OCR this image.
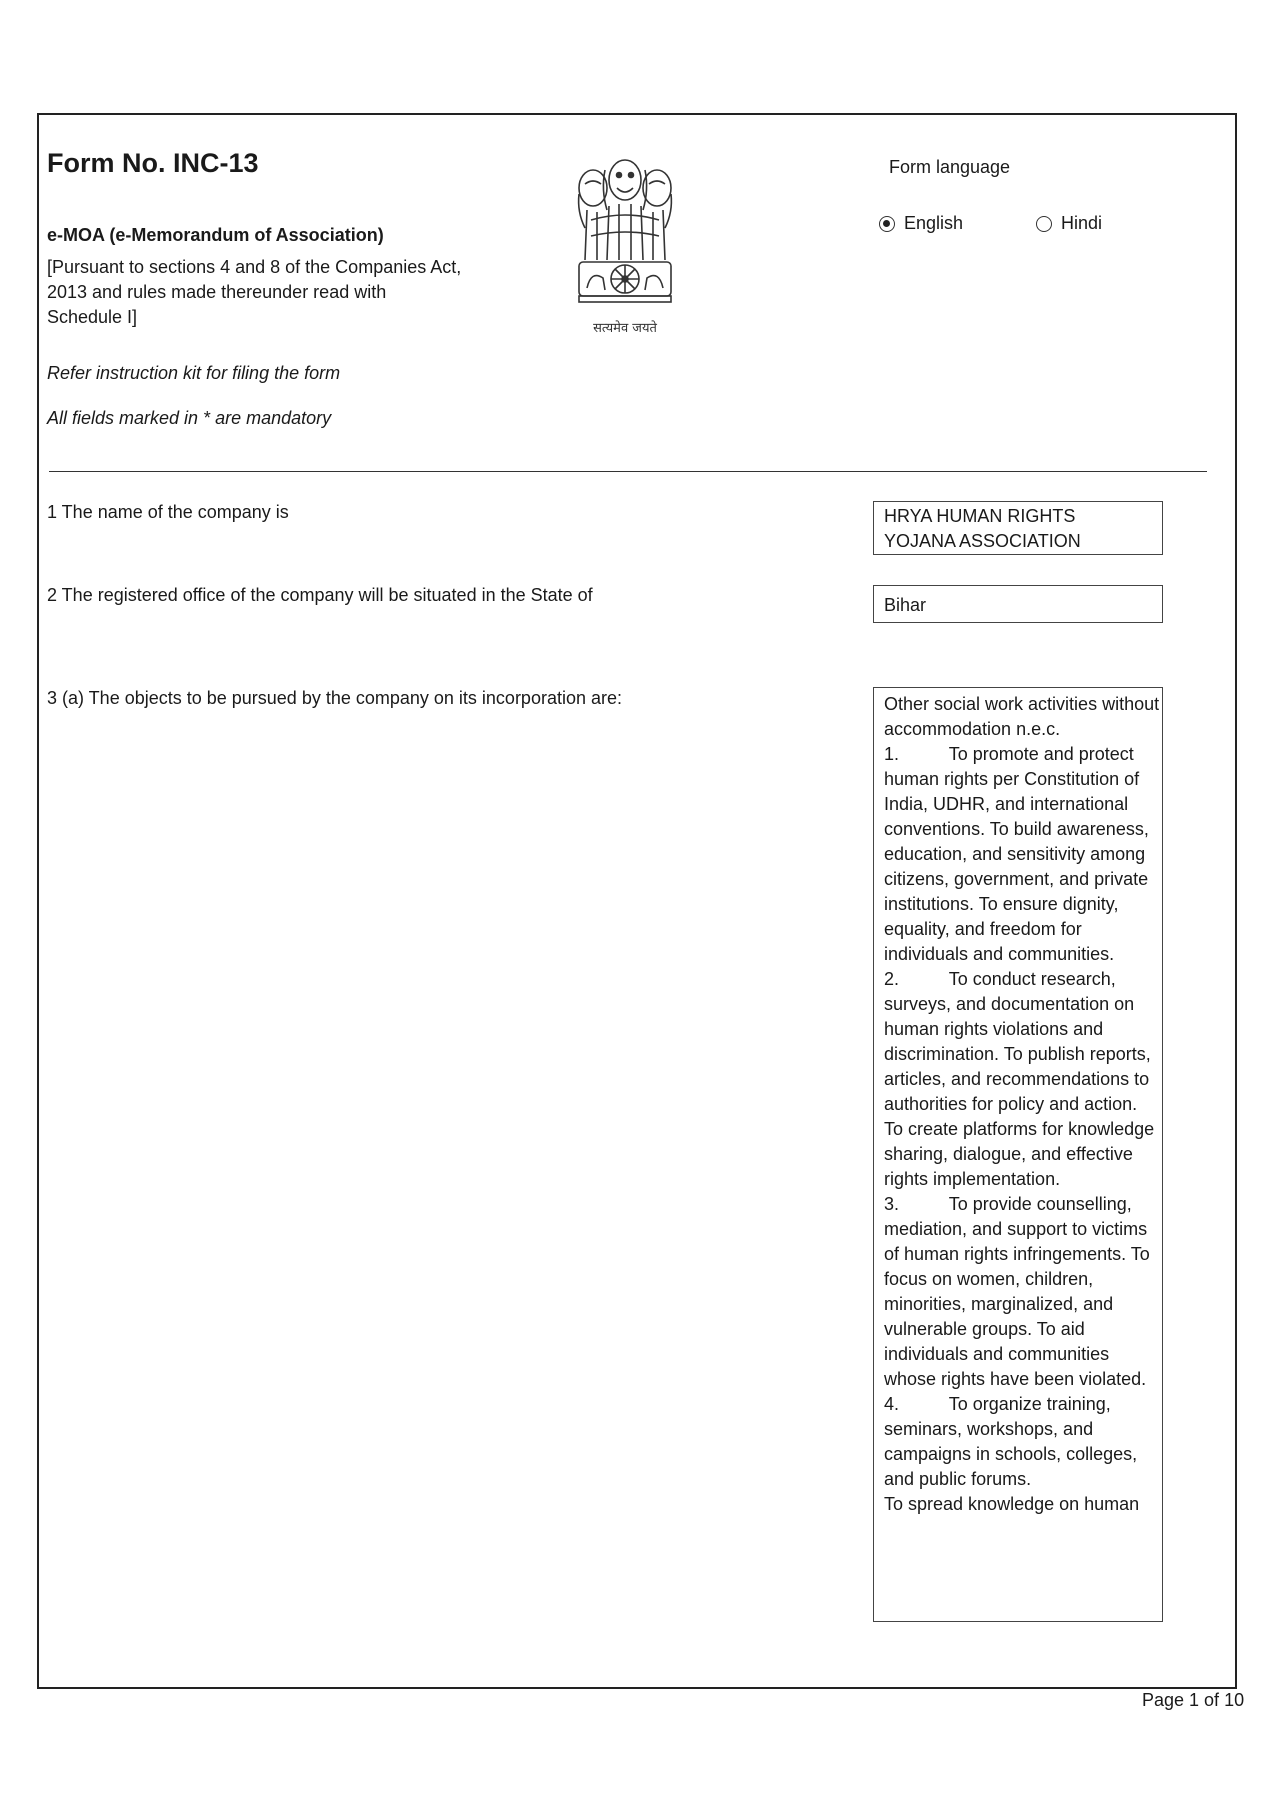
Form No. INC-13
e-MOA (e-Memorandum of Association)
[Pursuant to sections 4 and 8 of the Companies Act,
2013 and rules made thereunder read with
Schedule I]
Refer instruction kit for filing the form
All fields marked in * are mandatory
सत्यमेव जयते
Form language
English	Hindi
1 The name of the company is	HRYA HUMAN RIGHTS YOJANA ASSOCIATION
2 The registered office of the company will be situated in the State of	Bihar
3 (a) The objects to be pursued by the company on its incorporation are:	Other social work activities without accommodation n.e.c.
1.          To promote and protect human rights per Constitution of India, UDHR, and international conventions. To build awareness, education, and sensitivity among citizens, government, and private institutions. To ensure dignity, equality, and freedom for individuals and communities.
2.          To conduct research, surveys, and documentation on human rights violations and discrimination. To publish reports, articles, and recommendations to authorities for policy and action.
To create platforms for knowledge sharing, dialogue, and effective rights implementation.
3.          To provide counselling, mediation, and support to victims of human rights infringements. To focus on women, children, minorities, marginalized, and vulnerable groups. To aid individuals and communities whose rights have been violated.
4.          To organize training, seminars, workshops, and campaigns in schools, colleges, and public forums.
To spread knowledge on human
Page 1 of 10
